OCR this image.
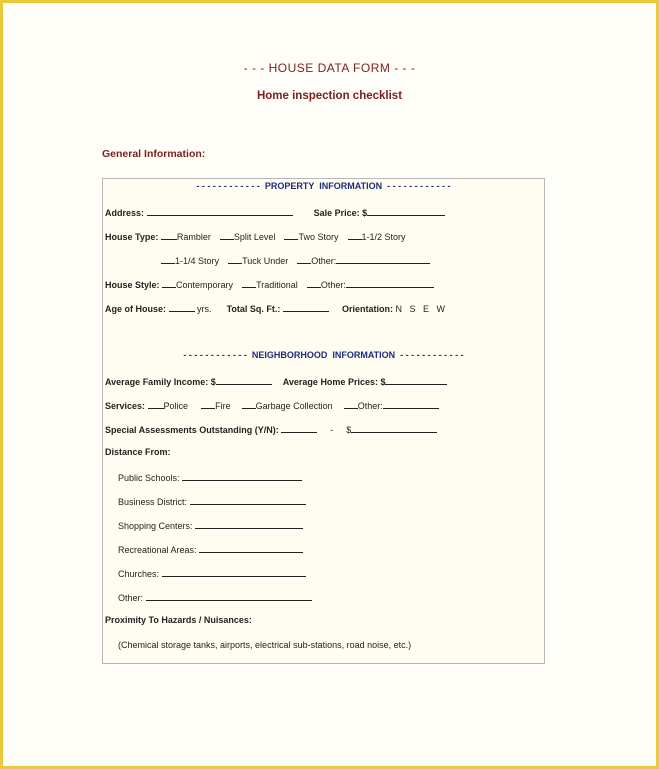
- - - HOUSE DATA FORM - - -
Home inspection checklist
General Information:
- - - - - - - - - - - -  PROPERTY  INFORMATION  - - - - - - - - - - - -
Address:	Sale Price: $
House Type: Rambler	Split Level	Two Story	1-1/2 Story
1-1/4 Story	Tuck Under	Other:
House Style: Contemporary	Traditional	Other:
Age of House:	yrs. Total Sq. Ft.:	Orientation: N   S   E   W
- - - - - - - - - - - -  NEIGHBORHOOD  INFORMATION  - - - - - - - - - - - -
Average Family Income: $	Average Home Prices: $
Services: Police	Fire	Garbage Collection	Other:
Special Assessments Outstanding (Y/N):	- $
Distance From:
Public Schools:
Business District:
Shopping Centers:
Recreational Areas:
Churches:
Other:
Proximity To Hazards / Nuisances:
(Chemical storage tanks, airports, electrical sub-stations, road noise, etc.)
